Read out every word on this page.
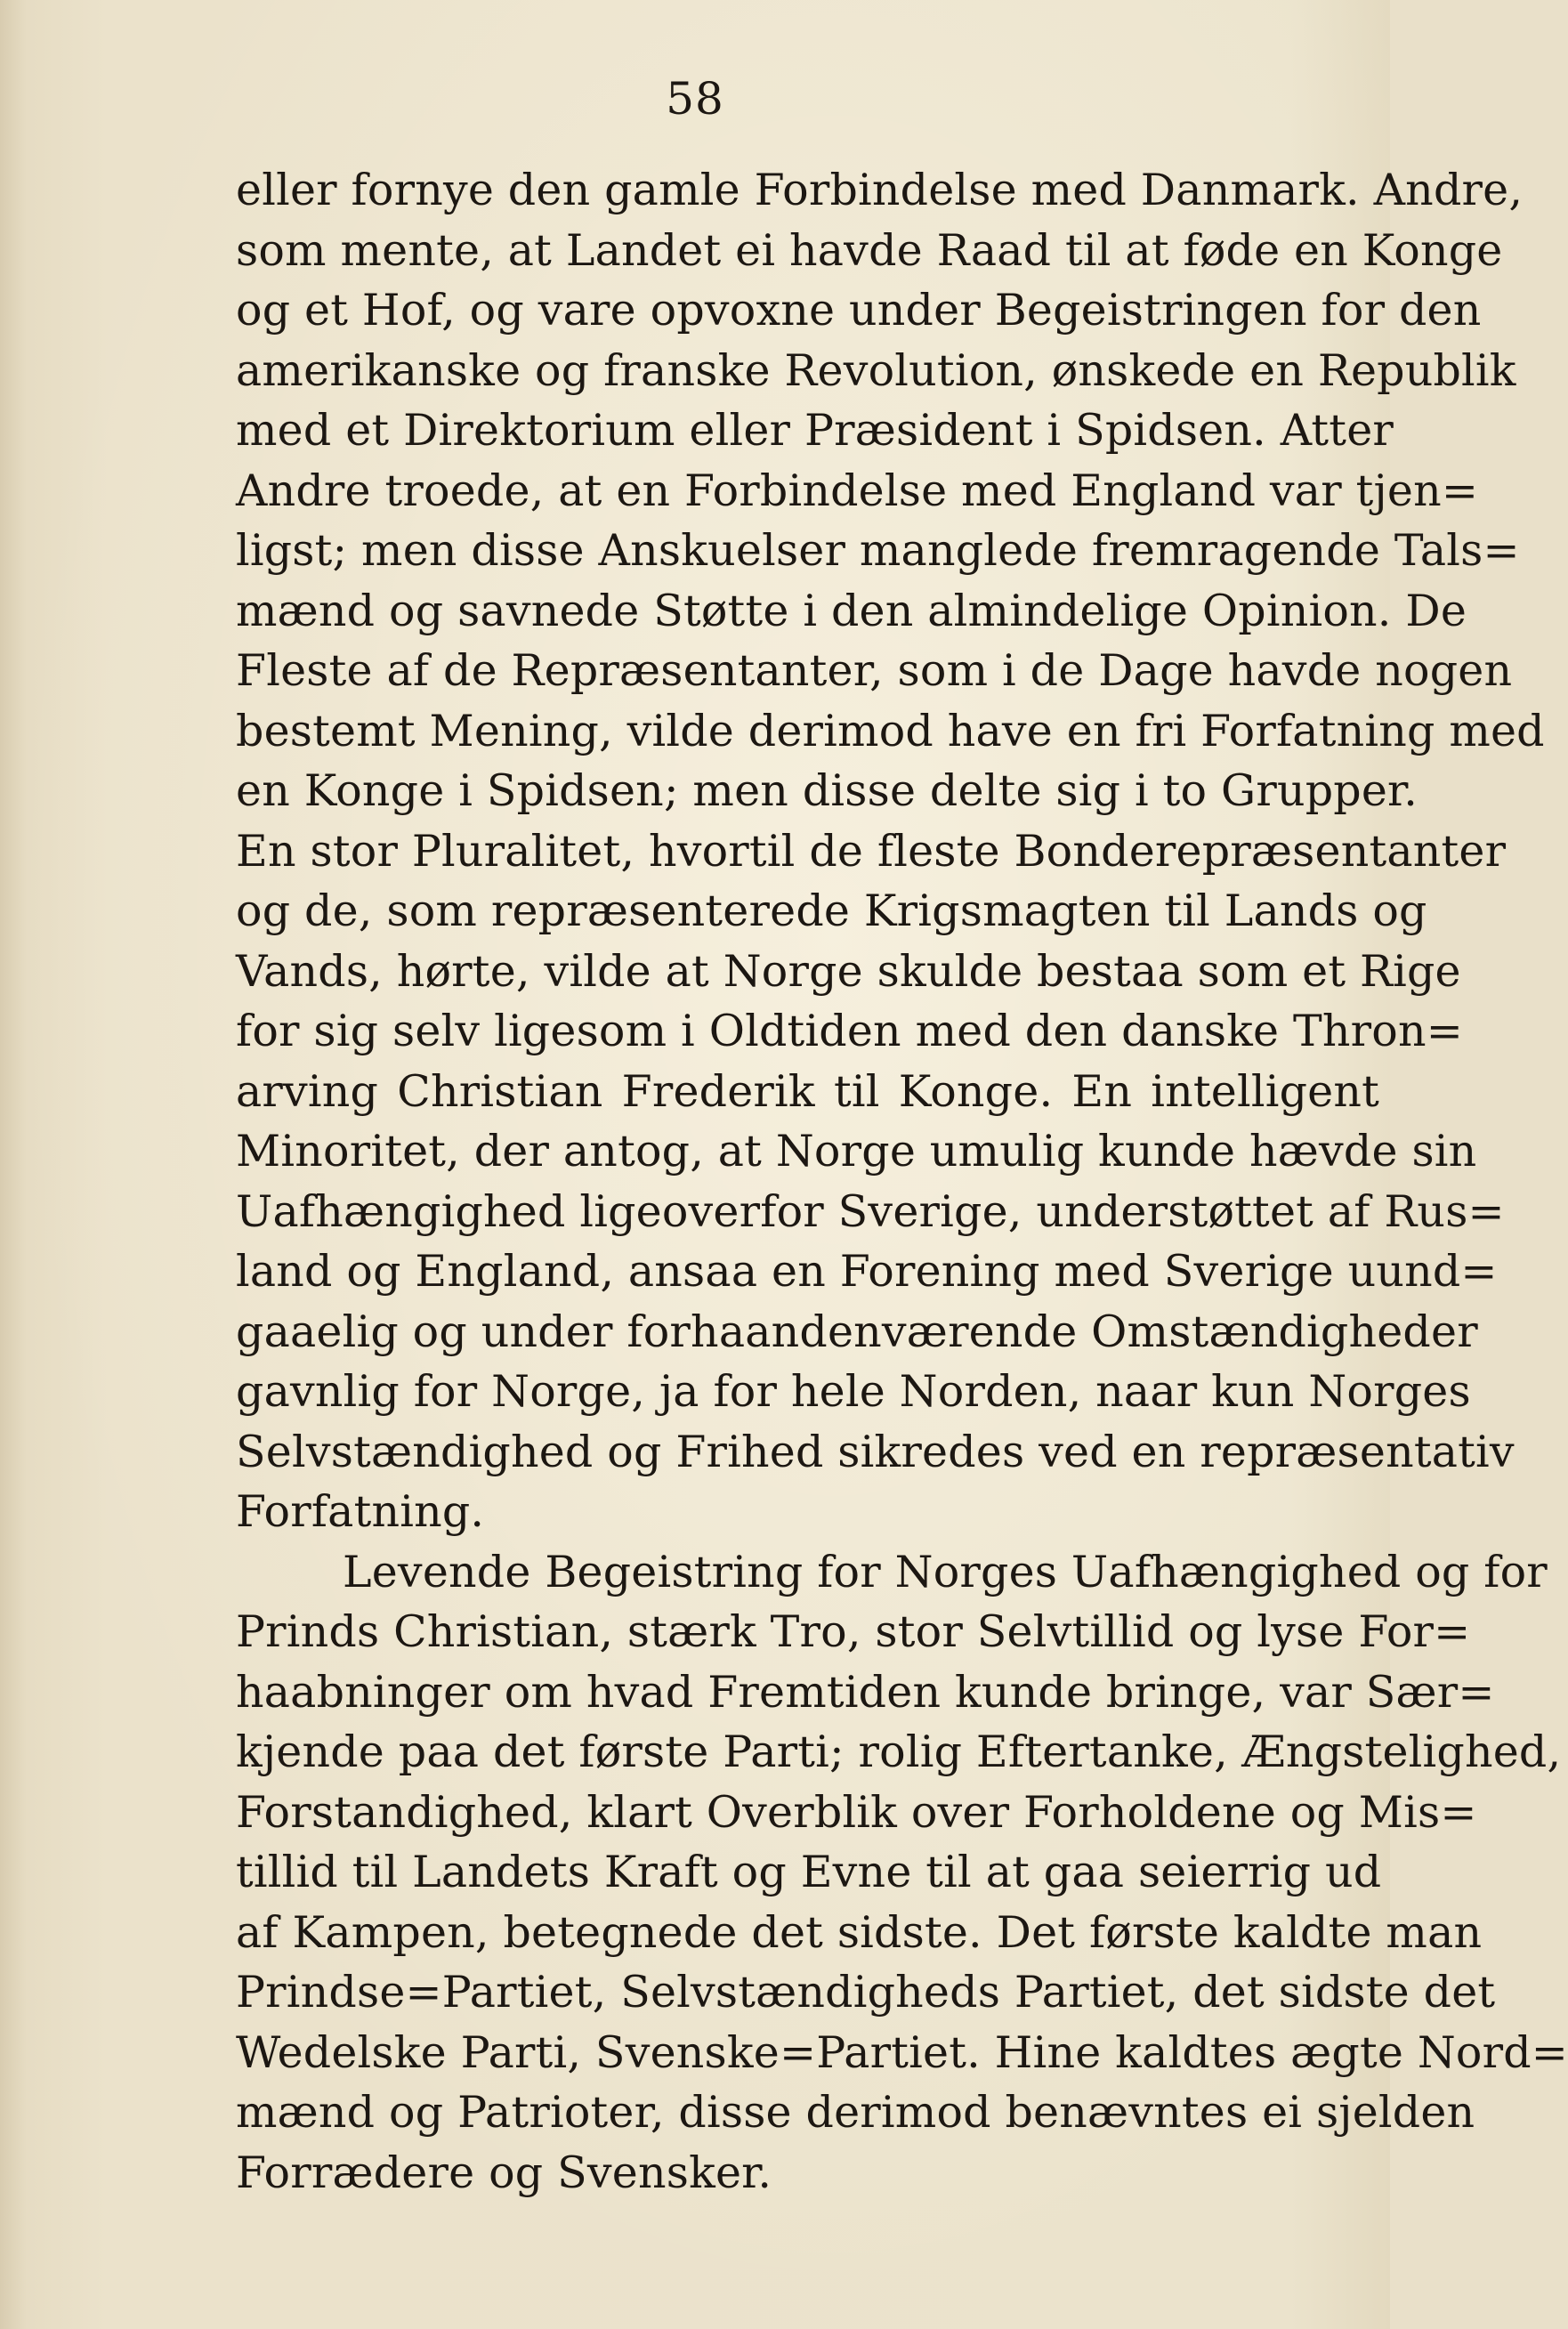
58
eller fornye den gamle Forbindelse med Danmark. Andre,
som mente, at Landet ei havde Raad til at føde en Konge
og et Hof, og vare opvoxne under Begeistringen for den
amerikanske og franske Revolution, ønskede en Republik
med et Direktorium eller Præsident i Spidsen. Atter
Andre troede, at en Forbindelse med England var tjen=
ligst; men disse Anskuelser manglede fremragende Tals=
mænd og savnede Støtte i den almindelige Opinion. De
Fleste af de Repræsentanter, som i de Dage havde nogen
bestemt Mening, vilde derimod have en fri Forfatning med
en Konge i Spidsen; men disse delte sig i to Grupper.
En stor Pluralitet, hvortil de fleste Bonderepræsentanter
og de, som repræsenterede Krigsmagten til Lands og
Vands, hørte, vilde at Norge skulde bestaa som et Rige
for sig selv ligesom i Oldtiden med den danske Thron=
arving Christian Frederik til Konge. En intelligent
Minoritet, der antog, at Norge umulig kunde hævde sin
Uafhængighed ligeoverfor Sverige, understøttet af Rus=
land og England, ansaa en Forening med Sverige uund=
gaaelig og under forhaandenværende Omstændigheder
gavnlig for Norge, ja for hele Norden, naar kun Norges
Selvstændighed og Frihed sikredes ved en repræsentativ
Forfatning.
Levende Begeistring for Norges Uafhængighed og for
Prinds Christian, stærk Tro, stor Selvtillid og lyse For=
haabninger om hvad Fremtiden kunde bringe, var Sær=
kjende paa det første Parti; rolig Eftertanke, Ængstelighed,
Forstandighed, klart Overblik over Forholdene og Mis=
tillid til Landets Kraft og Evne til at gaa seierrig ud
af Kampen, betegnede det sidste. Det første kaldte man
Prindse=Partiet, Selvstændigheds Partiet, det sidste det
Wedelske Parti, Svenske=Partiet. Hine kaldtes ægte Nord=
mænd og Patrioter, disse derimod benævntes ei sjelden
Forrædere og Svensker.
